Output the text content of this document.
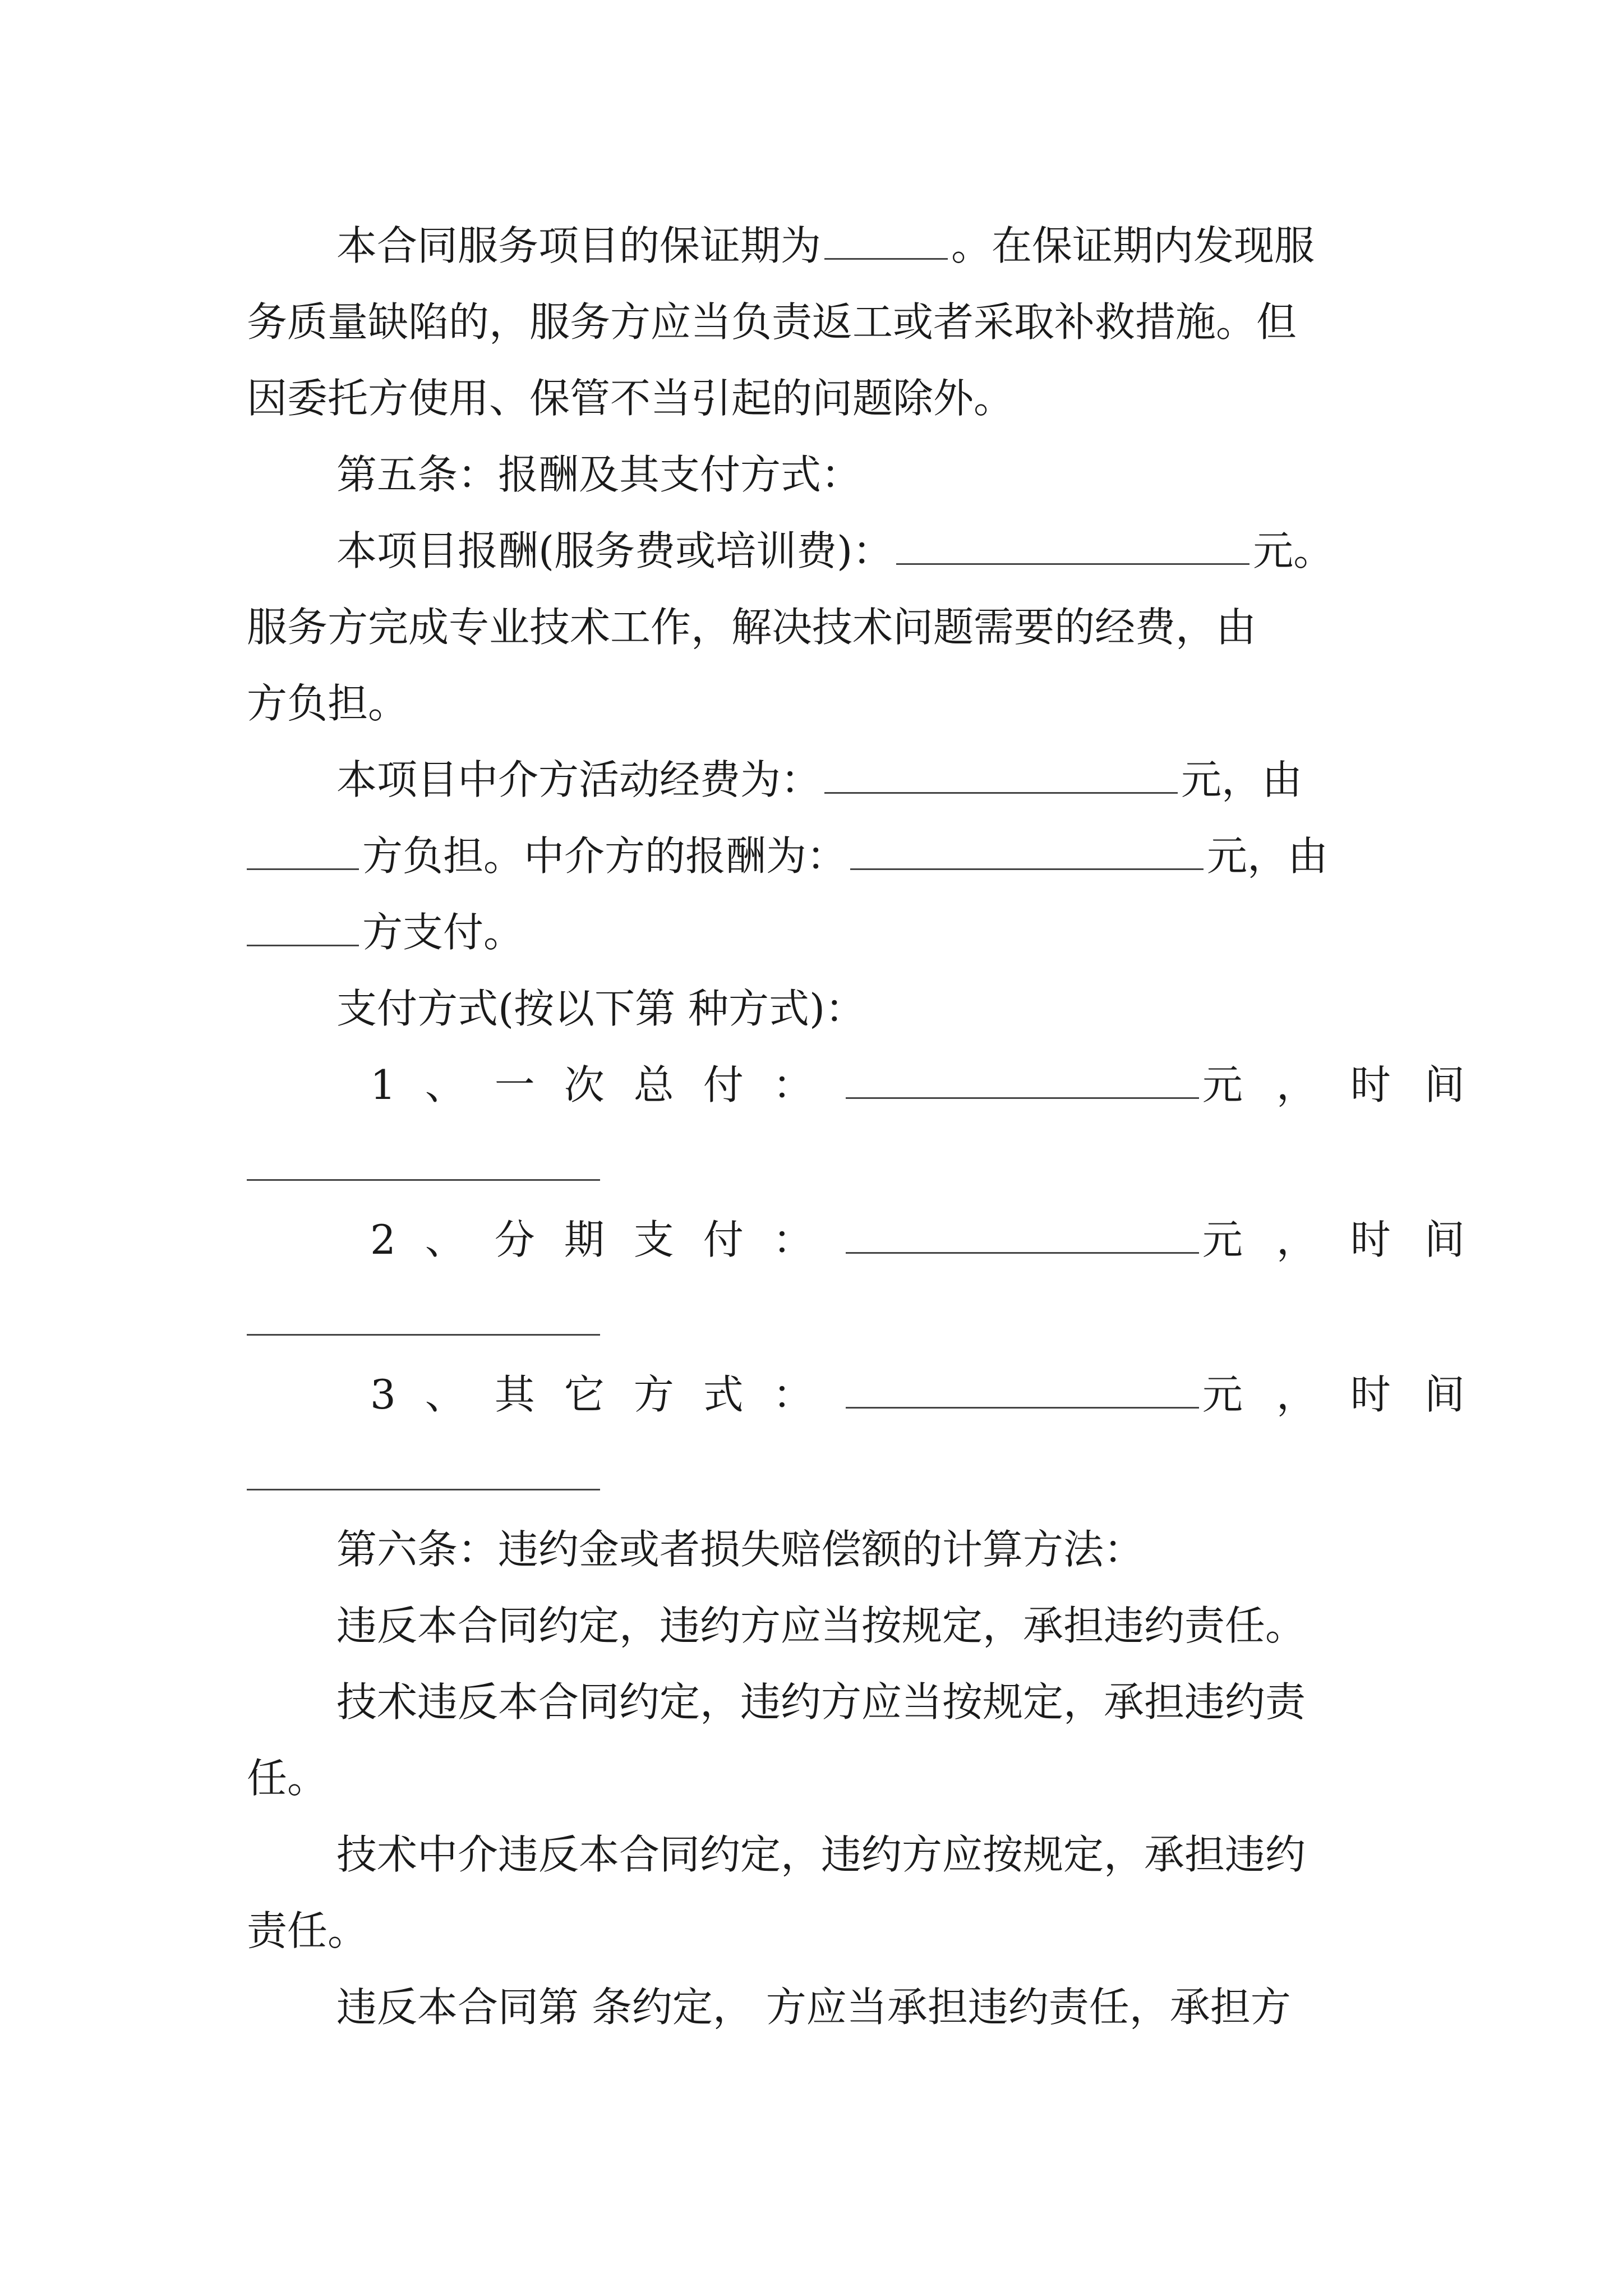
本合同服务项目的保证期为	。在保证期内发现服

务质量缺陷的，服务方应当负责返工或者采取补救措施。但

因委托方使用、保管不当引起的问题除外。

第五条：报酬及其支付方式：

本项目报酬(服务费或培训费)：	元。

服务方完成专业技术工作，解决技术问题需要的经费，由

方负担。

本项目中介方活动经费为：	元，由

方负担。中介方的报酬为：	元，由

方支付。

支付方式(按以下第 种方式)：

1、一次总付：	元，时间
2、分期支付：	元，时间
3、其它方式：	元，时间

第六条：违约金或者损失赔偿额的计算方法：

违反本合同约定，违约方应当按规定，承担违约责任。

技术违反本合同约定，违约方应当按规定，承担违约责

任。

技术中介违反本合同约定，违约方应按规定，承担违约

责任。

违反本合同第 条约定， 方应当承担违约责任，承担方
